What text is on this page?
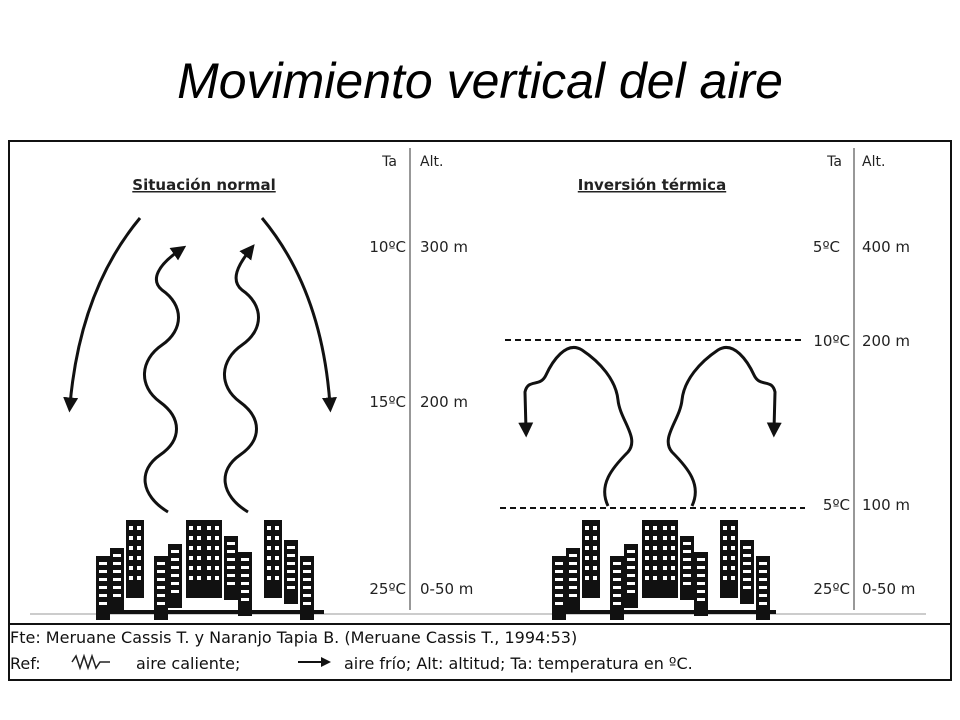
Movimiento vertical del aire
Situación normal
Ta Alt.
10ºC 300 m
15ºC 200 m
25ºC 0-50 m
Inversión térmica
Ta Alt.
5ºC 400 m
10ºC 200 m
5ºC 100 m
25ºC 0-50 m
Fte: Meruane Cassis T. y Naranjo Tapia B. (Meruane Cassis T., 1994:53)
Ref:	aire caliente;	aire frío; Alt: altitud; Ta: temperatura en ºC.
